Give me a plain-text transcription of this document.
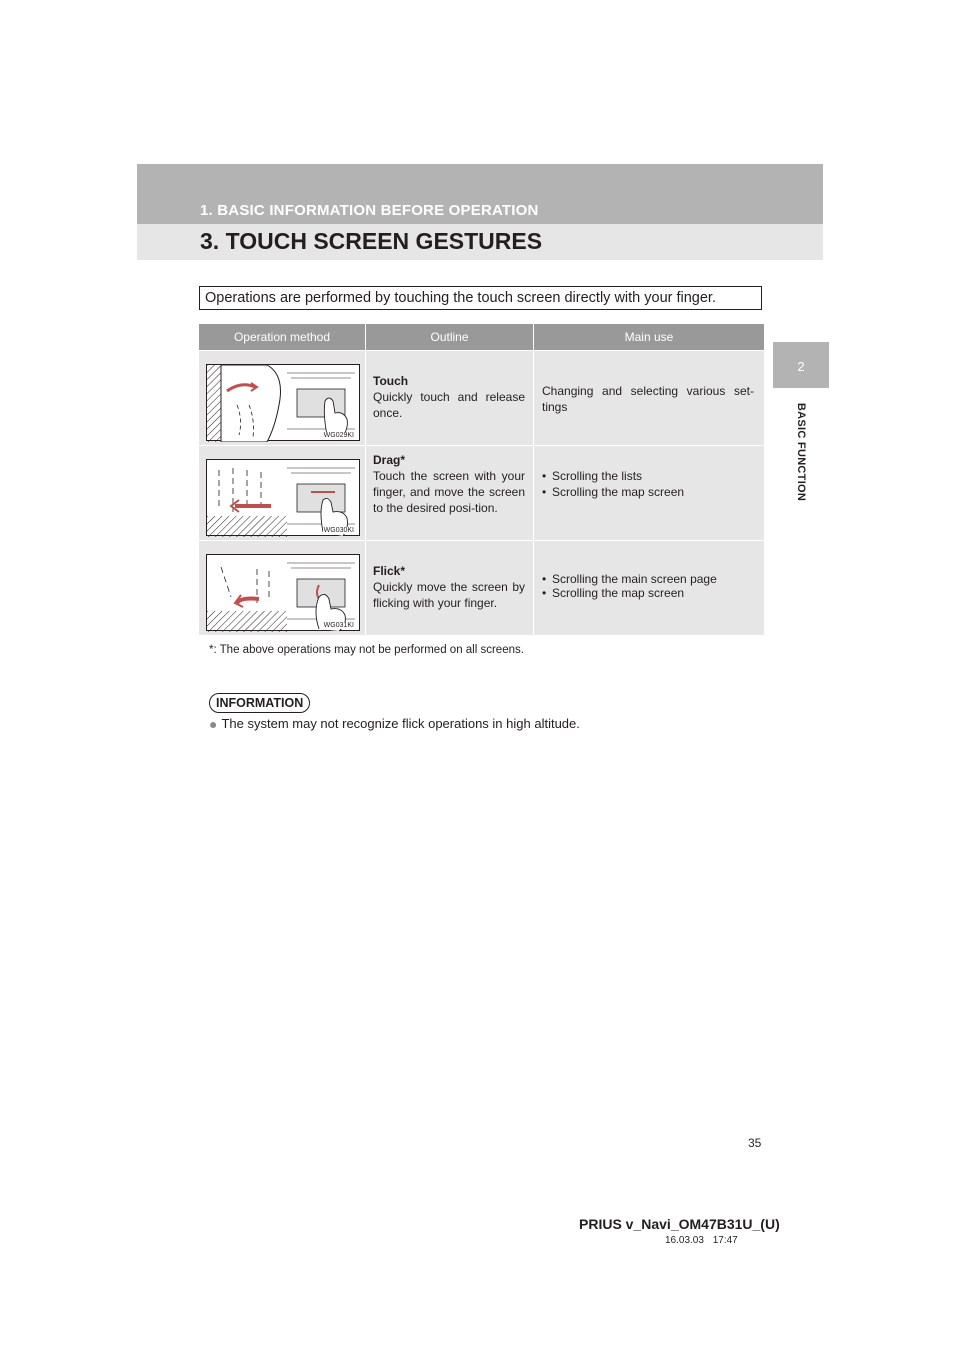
1. BASIC INFORMATION BEFORE OPERATION
3. TOUCH SCREEN GESTURES
2
BASIC FUNCTION
Operations are performed by touching the touch screen directly with your finger.
Operation method	Outline	Main use
WG029KI
Touch
Quickly touch and release once.
Changing and selecting various set-tings
WG030KI
Drag*
Touch the screen with your finger, and move the screen to the desired posi-tion.
• Scrolling the lists
• Scrolling the map screen
WG031KI
Flick*
Quickly move the screen by flicking with your finger.
• Scrolling the main screen page
• Scrolling the map screen
*: The above operations may not be performed on all screens.
INFORMATION
● The system may not recognize flick operations in high altitude.
35
PRIUS v_Navi_OM47B31U_(U)
16.03.03 17:47
